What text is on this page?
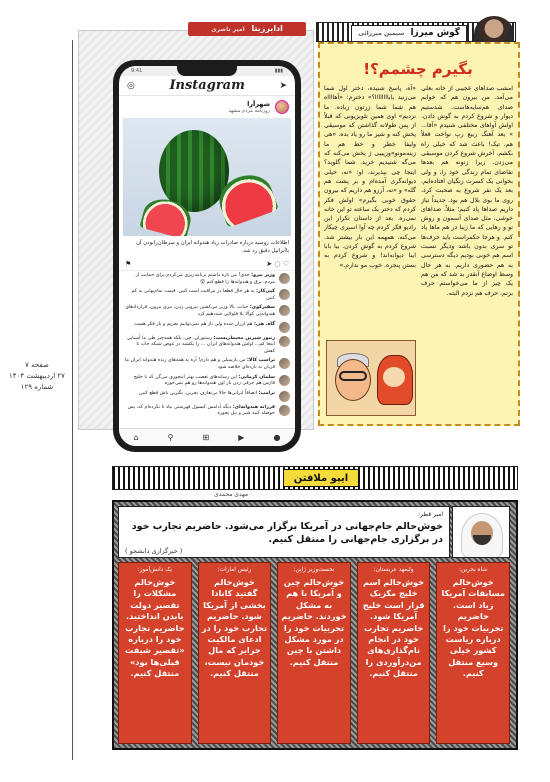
صفحه ۷
۲۷ اردیبهشت ۱۴۰۴
شماره ۱۲۹
ادابرزبتا امیر ناصری
9:41	▮▮▮
◎	Instagram	➤
شهرآرا
روزنامه مردم مشهد
اطلاعات روسیه درباره صادرات زیاد هندوانه ایران و سرطان‌زابودن آن بااَبراتیل دقیق رد شد.
⚑	➤ ◌ ♡
وزیر نیرو: جدی! من تازه داشتم برنامه‌ریزی می‌کردم برای حمایت از مردم، برق و هندوانه‌ها را قطع کنم 😮
کپی‌کار: به هر حال قطعا در مراقبت است کنین. قیمت تمام‌نهایی به کم کنین
سفیرکوی: حیات، بالا وزیر می‌کشین بیرونی زدن، نپری بیرون. قراردادهای هندوانه‌یی کوآلا بلا فلولایی شه‌دهیم کرد
گاه، هی: هم ارزان شده ولی باز هم نمی‌توانیم بخریم و باز فکر هست
زنبور شیرین محیط‌زیست: رستوران، چی، بلکه همه‌چیز طی ما آسیایی اینجا کم... اولش هندوانه‌های ایران ... را بکشید در عوض شیکه جات تا کفش
تراسپ کالا: من بازسیلی و هم دارم! آره به همه‌های رنده هندوانه ایران ما قربان به بارده‌ای خلاصه شود
سلمان کرمانی: این رسانه‌های تعصب بهتر اینجوری می‌گن که با خلیج فارس هم حرفی زدن باز اون هندوانه‌ها رو هم نمی‌خوره
ترامپ: انصافاً ایرانی‌ها حالا بی‌تعارف بخرین، بگیرین باش قطع کنین
فرزانه هندوانه‌ای: دیگه آدامس کپسول فهرستی بیاد تا نکرده‌ام که، پس حوصله کنید شیر و نیل بخوره
⌂	⚲	⊞	▶	●
گوش میرزا سیمین میرزائی
بگیرم چشمم؟!
امشب صداهای عجیبی از خانه بغلی می‌آمد. من بیرون هم که خوابم صدای هم‌سایه‌هاست. شدستیم دیوار و شروع کردم به گوش دادن. اولش آواهای مختلفی شنیدم «آقا... » بعد آهنگ ربیع رپ نواخت فعلاً هم. تیک! باعث شد که خیلی راه بکشم. آخرش شروع کردن موسیقی می‌زدن. زیرا زنونه هم بعدها تقاضای تمام زندگی خود را، و ولی بخوانی یک کسرت زنگیان افتاده‌ایم. بعد یک نفر شروع به صحبت کرد، روی ما بوی بلال هم بود. جدیداً نیاز داریم صدا‌ها پاد کنیم؛ مثلاً، صداهای خوشی، مثل صدای آسمون و روش نو و رهایی که ما زیبا در هم ماها پاد کنم. و هرجا حکمراست باید حرف‌ها تو سری بدون باشد ودیگر نسبت اسم هم خوبی بودیم دیگه دسترسی به هم حضوری داریم. به هر حال وسط اوضاع آنقدر بد شد که من هم یک چیز از ما می‌خواستم حرف بزنم. حرف هم نزدم البته.
«آه، پاسخ شنیده، دختر اول شما می‌زنید باباااااااا؟» دخترم: «آهااااه هم شما شما زرتون زیاده. ما نزدیم» اوی همین تلویزیونی که قبلاً از پس طولانه گذاشتن که موسیقی پخش کنه و شیر ما رو یاد بده. «هی ولیفا خطر و خط هم ما زینه‌مونو»وزیییی ژ پخش می‌کنه که می‌گه شنیدیم خرید. شما گلوبد؟ اینجا چی بپذیرند، او: «نه، خیلی دیوانه‌گری آمده‌ام و بر پشت هم گله» و «نه، آرزو هم داریم که بیرون حقوق خوبی بگیرم» اولش فکر کردم که دختر یک ساعته تو این خانه نمی‌ره. بعد از داستان تکرار این رادیو فکر کردم چه آوا اسپری چیکار می‌کنه. همهمه این بار بیشتر شد. شروع کردم به گوش کردن. بیا بابا اینا دیوانه‌اند! و شروع کردم به بستن پنجره. خوب مو ندارم.»
ایپو ملافتن
مهدی محمدی
امیر قطر:
خوش‌حالم جام‌جهانی در آمریکا برگزار می‌شود. حاضریم تجارب خود در برگزاری جام‌جهانی را منتقل کنیم.
( خبرگزاری دانشجو )
شاه بحرین:
خوش‌حالم مسابقات آمریکا زیاد است. حاضریم تجربیات خود را درباره ریاست کشور خیلی وسیع منتقل کنیم.
ولیعهد عربستان:
خوش‌حالم اسم خلیج مکزیک قرار است خلیج آمریکا شود. حاضریم تجارب خود در انجام نام‌گذاری‌های من‌درآوردی را منتقل کنیم.
نخست‌وزیر ژاپن:
خوش‌حالم چین و آمریکا با هم به مشکل خوردند. حاضریم تجربیات خود را در مورد مشکل داشتن با چین منتقل کنیم.
رئیس امارات:
خوش‌حالم گفتید کانادا بخشی از آمریکا شود. حاضریم تجارب خود را در ادعای مالکیت جزایر که مال خودمان نیست، منتقل کنیم.
یک دانش‌آموز:
خوش‌حالم مشکلات را تقصیر دولت بایدن انداختید. حاضریم تجارب خود را درباره «تقصیر شیفت قبلی‌ها بود» منتقل کنیم.
